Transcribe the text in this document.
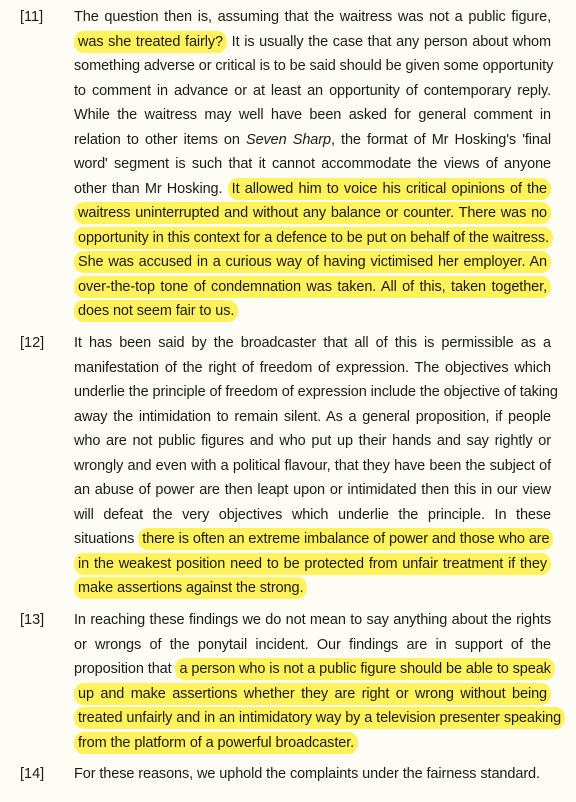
[11] The question then is, assuming that the waitress was not a public figure,
was she treated fairly? It is usually the case that any person about whom
something adverse or critical is to be said should be given some opportunity
to comment in advance or at least an opportunity of contemporary reply.
While the waitress may well have been asked for general comment in
relation to other items on Seven Sharp, the format of Mr Hosking's 'final
word' segment is such that it cannot accommodate the views of anyone
other than Mr Hosking. It allowed him to voice his critical opinions of the
waitress uninterrupted and without any balance or counter. There was no
opportunity in this context for a defence to be put on behalf of the waitress.
She was accused in a curious way of having victimised her employer. An
over-the-top tone of condemnation was taken. All of this, taken together,
does not seem fair to us.
[12] It has been said by the broadcaster that all of this is permissible as a
manifestation of the right of freedom of expression. The objectives which
underlie the principle of freedom of expression include the objective of taking
away the intimidation to remain silent. As a general proposition, if people
who are not public figures and who put up their hands and say rightly or
wrongly and even with a political flavour, that they have been the subject of
an abuse of power are then leapt upon or intimidated then this in our view
will defeat the very objectives which underlie the principle. In these
situations there is often an extreme imbalance of power and those who are
in the weakest position need to be protected from unfair treatment if they
make assertions against the strong.
[13] In reaching these findings we do not mean to say anything about the rights
or wrongs of the ponytail incident. Our findings are in support of the
proposition that a person who is not a public figure should be able to speak
up and make assertions whether they are right or wrong without being
treated unfairly and in an intimidatory way by a television presenter speaking
from the platform of a powerful broadcaster.
[14] For these reasons, we uphold the complaints under the fairness standard.
